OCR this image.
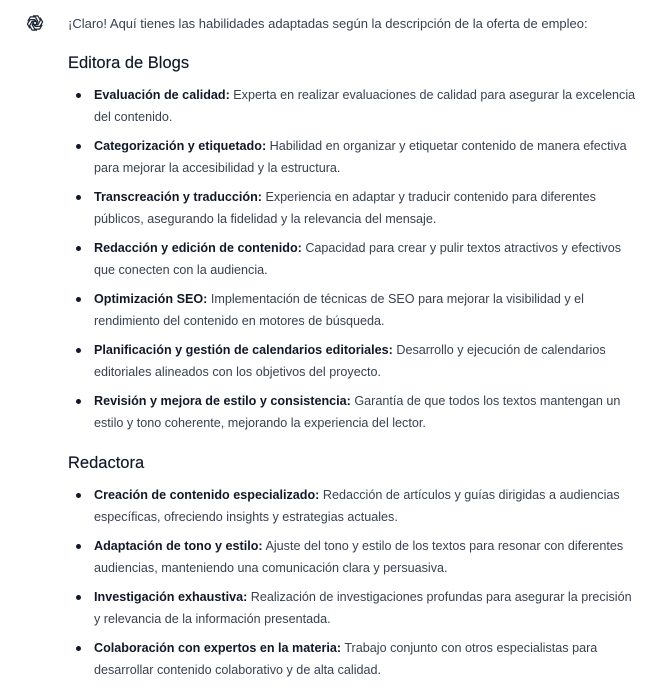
¡Claro! Aquí tienes las habilidades adaptadas según la descripción de la oferta de empleo:

Editora de Blogs
Evaluación de calidad: Experta en realizar evaluaciones de calidad para asegurar la excelencia del contenido.
Categorización y etiquetado: Habilidad en organizar y etiquetar contenido de manera efectiva para mejorar la accesibilidad y la estructura.
Transcreación y traducción: Experiencia en adaptar y traducir contenido para diferentes públicos, asegurando la fidelidad y la relevancia del mensaje.
Redacción y edición de contenido: Capacidad para crear y pulir textos atractivos y efectivos que conecten con la audiencia.
Optimización SEO: Implementación de técnicas de SEO para mejorar la visibilidad y el rendimiento del contenido en motores de búsqueda.
Planificación y gestión de calendarios editoriales: Desarrollo y ejecución de calendarios editoriales alineados con los objetivos del proyecto.
Revisión y mejora de estilo y consistencia: Garantía de que todos los textos mantengan un estilo y tono coherente, mejorando la experiencia del lector.
Redactora
Creación de contenido especializado: Redacción de artículos y guías dirigidas a audiencias específicas, ofreciendo insights y estrategias actuales.
Adaptación de tono y estilo: Ajuste del tono y estilo de los textos para resonar con diferentes audiencias, manteniendo una comunicación clara y persuasiva.
Investigación exhaustiva: Realización de investigaciones profundas para asegurar la precisión y relevancia de la información presentada.
Colaboración con expertos en la materia: Trabajo conjunto con otros especialistas para desarrollar contenido colaborativo y de alta calidad.
